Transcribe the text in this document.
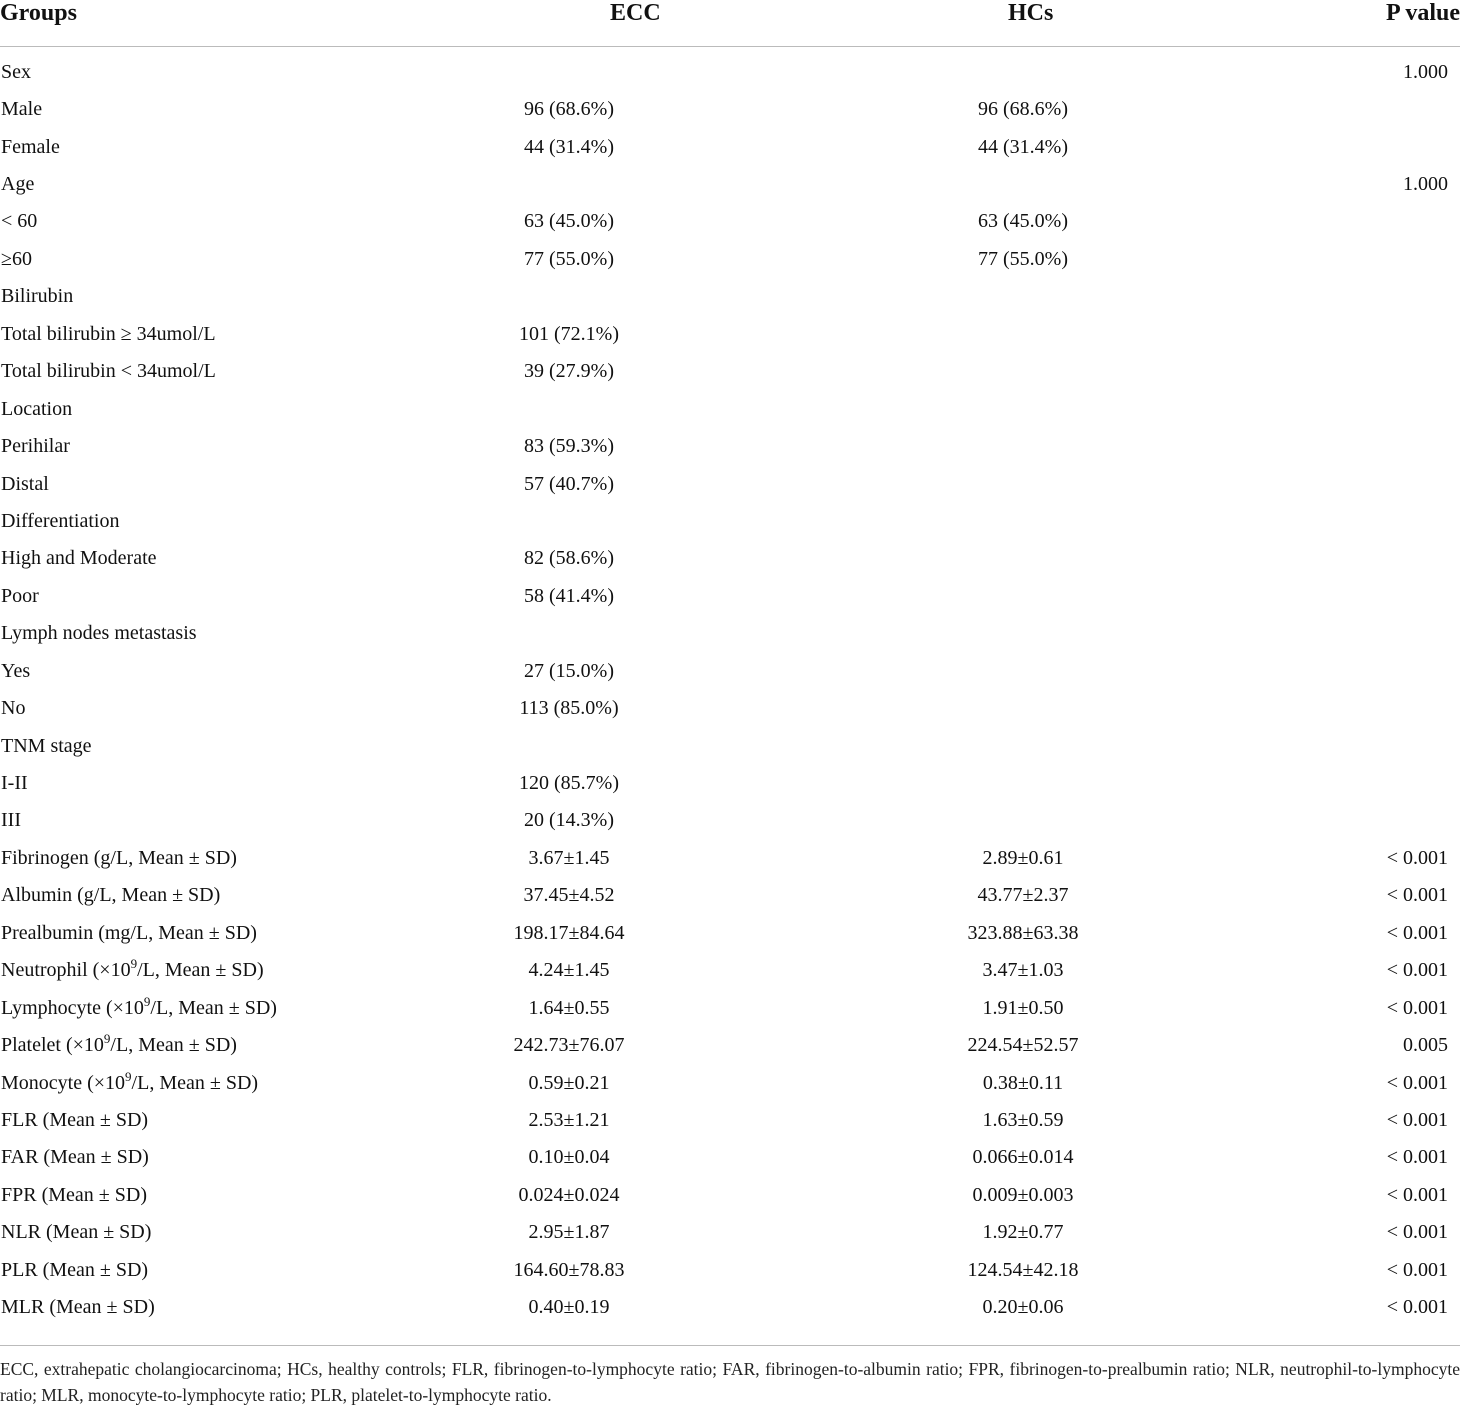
Groups	ECC	HCs	P value
Sex			1.000
Male	96 (68.6%)	96 (68.6%)	
Female	44 (31.4%)	44 (31.4%)	
Age			1.000
< 60	63 (45.0%)	63 (45.0%)	
≥60	77 (55.0%)	77 (55.0%)	
Bilirubin			
Total bilirubin ≥ 34umol/L	101 (72.1%)		
Total bilirubin < 34umol/L	39 (27.9%)		
Location			
Perihilar	83 (59.3%)		
Distal	57 (40.7%)		
Differentiation			
High and Moderate	82 (58.6%)		
Poor	58 (41.4%)		
Lymph nodes metastasis			
Yes	27 (15.0%)		
No	113 (85.0%)		
TNM stage			
I-II	120 (85.7%)		
III	20 (14.3%)		
Fibrinogen (g/L, Mean ± SD)	3.67±1.45	2.89±0.61	< 0.001
Albumin (g/L, Mean ± SD)	37.45±4.52	43.77±2.37	< 0.001
Prealbumin (mg/L, Mean ± SD)	198.17±84.64	323.88±63.38	< 0.001
Neutrophil ($\times 10^9/L$, Mean ± SD)	4.24±1.45	3.47±1.03	< 0.001
Lymphocyte ($\times 10^9/L$, Mean ± SD)	1.64±0.55	1.91±0.50	< 0.001
Platelet ($\times 10^9/L$, Mean ± SD)	242.73±76.07	224.54±52.57	0.005
Monocyte ($\times 10^9/L$, Mean ± SD)	0.59±0.21	0.38±0.11	< 0.001
FLR (Mean ± SD)	2.53±1.21	1.63±0.59	< 0.001
FAR (Mean ± SD)	0.10±0.04	0.066±0.014	< 0.001
FPR (Mean ± SD)	0.024±0.024	0.009±0.003	< 0.001
NLR (Mean ± SD)	2.95±1.87	1.92±0.77	< 0.001
PLR (Mean ± SD)	164.60±78.83	124.54±42.18	< 0.001
MLR (Mean ± SD)	0.40±0.19	0.20±0.06	< 0.001
ECC, extrahepatic cholangiocarcinoma; HCs, healthy controls; FLR, fibrinogen-to-lymphocyte ratio; FAR, fibrinogen-to-albumin ratio; FPR, fibrinogen-to-prealbumin ratio; NLR, neutrophil-to-lymphocyte ratio; MLR, monocyte-to-lymphocyte ratio; PLR, platelet-to-lymphocyte ratio.
